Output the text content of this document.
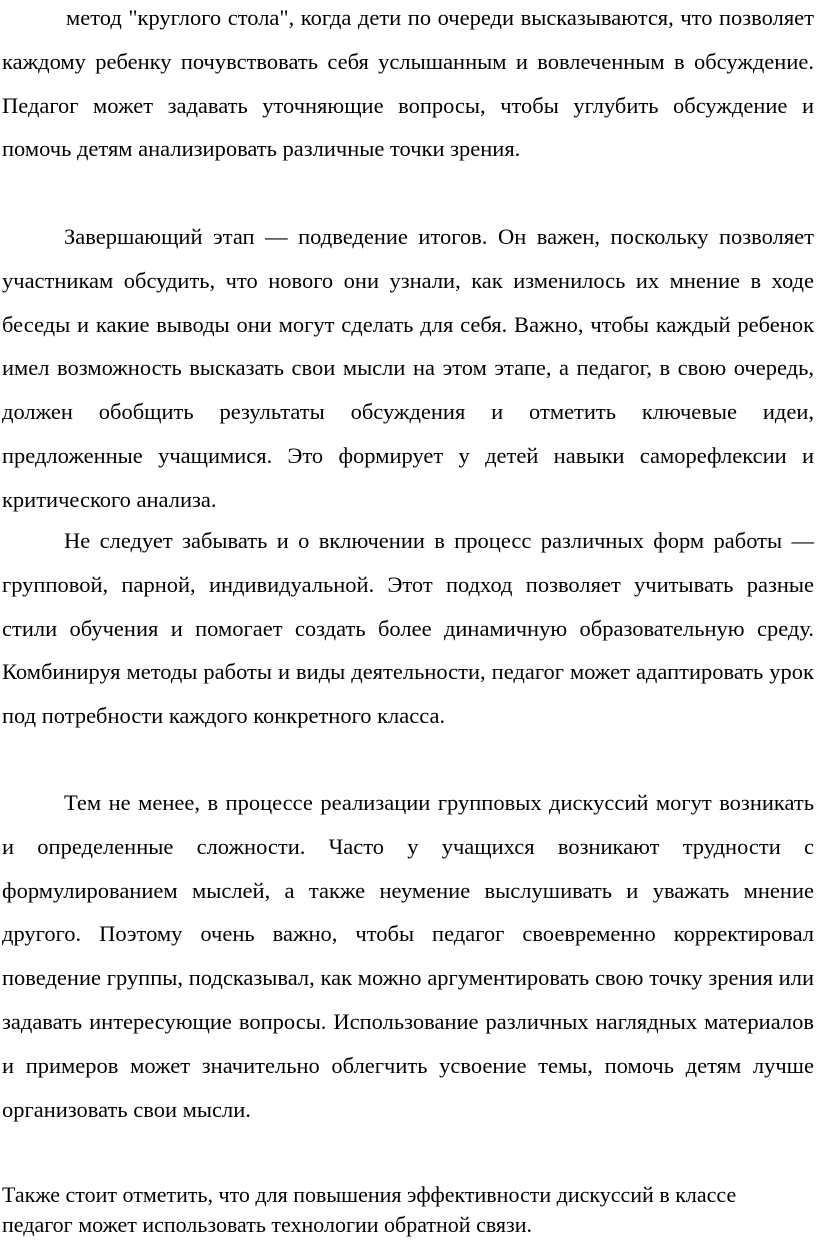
метод "круглого стола", когда дети по очереди высказываются, что позволяет каждому ребенку почувствовать себя услышанным и вовлеченным в обсуждение. Педагог может задавать уточняющие вопросы, чтобы углубить обсуждение и помочь детям анализировать различные точки зрения.

Завершающий этап — подведение итогов. Он важен, поскольку позволяет участникам обсудить, что нового они узнали, как изменилось их мнение в ходе беседы и какие выводы они могут сделать для себя. Важно, чтобы каждый ребенок имел возможность высказать свои мысли на этом этапе, а педагог, в свою очередь, должен обобщить результаты обсуждения и отметить ключевые идеи, предложенные учащимися. Это формирует у детей навыки саморефлексии и критического анализа.

Не следует забывать и о включении в процесс различных форм работы — групповой, парной, индивидуальной. Этот подход позволяет учитывать разные стили обучения и помогает создать более динамичную образовательную среду. Комбинируя методы работы и виды деятельности, педагог может адаптировать урок под потребности каждого конкретного класса.

Тем не менее, в процессе реализации групповых дискуссий могут возникать и определенные сложности. Часто у учащихся возникают трудности с формулированием мыслей, а также неумение выслушивать и уважать мнение другого. Поэтому очень важно, чтобы педагог своевременно корректировал поведение группы, подсказывал, как можно аргументировать свою точку зрения или задавать интересующие вопросы. Использование различных наглядных материалов и примеров может значительно облегчить усвоение темы, помочь детям лучше организовать свои мысли.

Также стоит отметить, что для повышения эффективности дискуссий в классе педагог может использовать технологии обратной связи.
